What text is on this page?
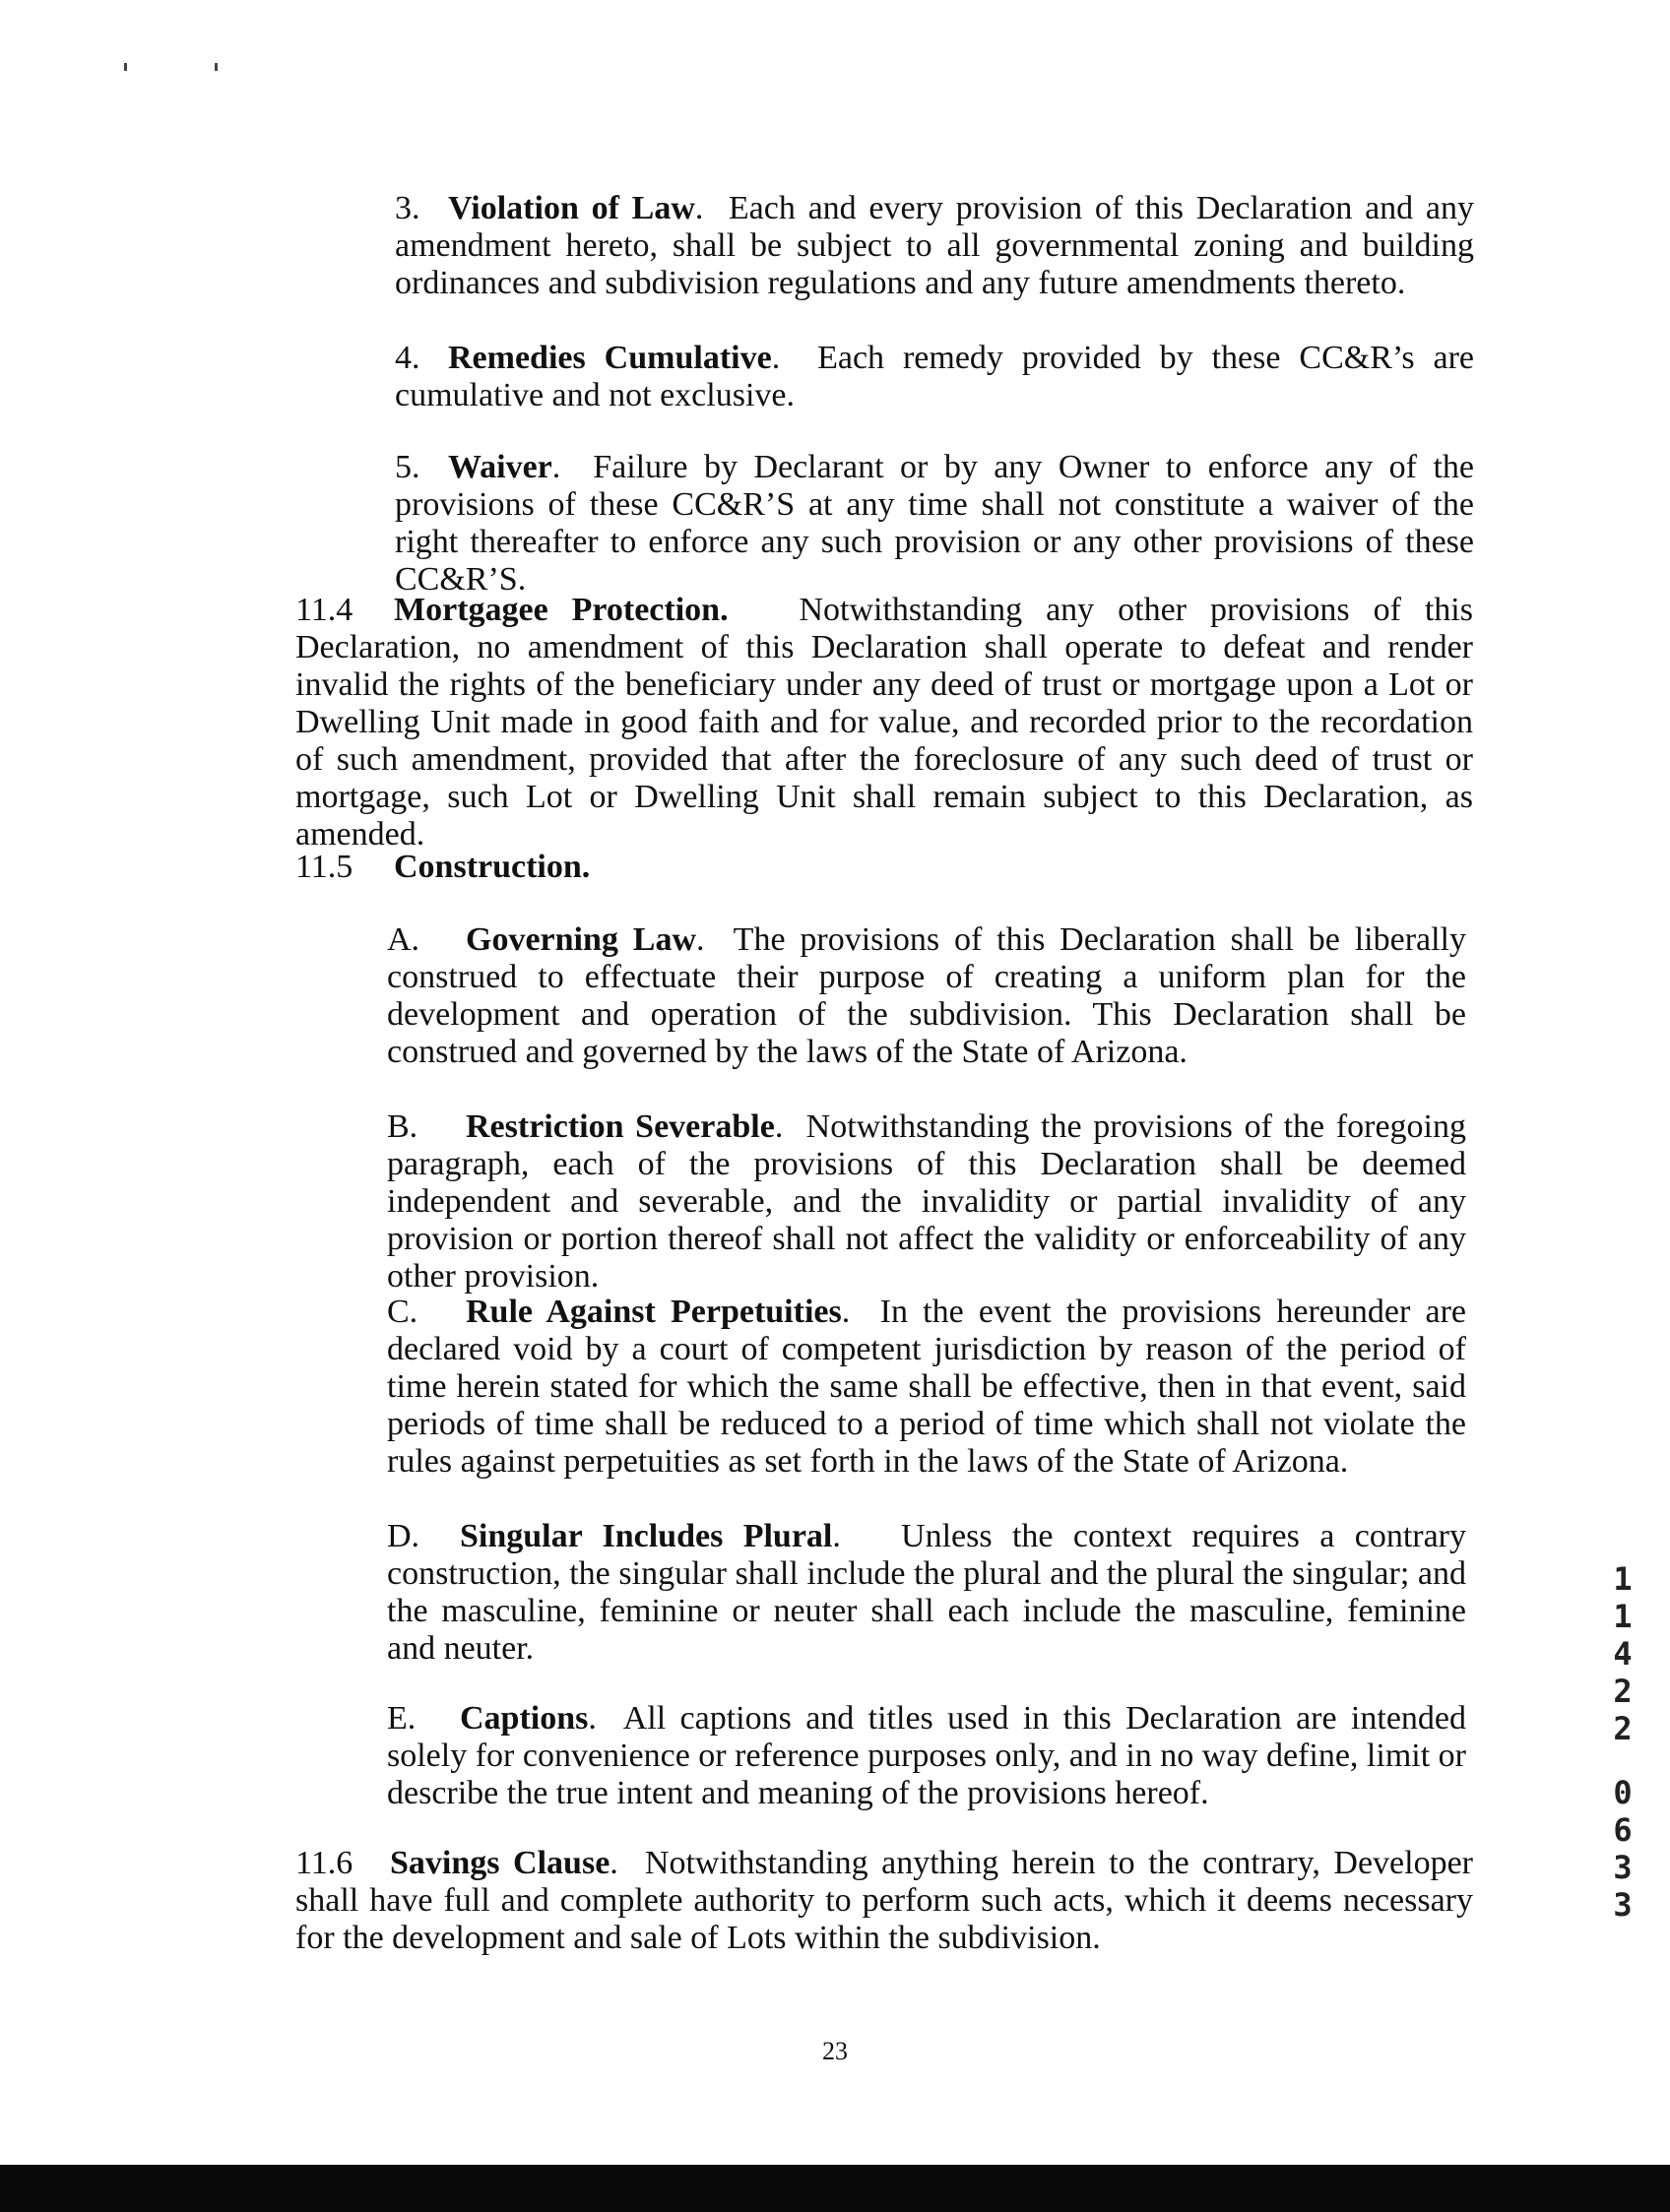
3. Violation of Law.  Each and every provision of this Declaration and any amendment hereto, shall be subject to all governmental zoning and building ordinances and subdivision regulations and any future amendments thereto.

4. Remedies Cumulative.  Each remedy provided by these CC&R’s are cumulative and not exclusive.

5. Waiver.  Failure by Declarant or by any Owner to enforce any of the provisions of these CC&R’S at any time shall not constitute a waiver of the right thereafter to enforce any such provision or any other provisions of these CC&R’S.

11.4 Mortgagee Protection. Notwithstanding any other provisions of this Declaration, no amendment of this Declaration shall operate to defeat and render invalid the rights of the beneficiary under any deed of trust or mortgage upon a Lot or Dwelling Unit made in good faith and for value, and recorded prior to the recordation of such amendment, provided that after the foreclosure of any such deed of trust or mortgage, such Lot or Dwelling Unit shall remain subject to this Declaration, as amended.

11.5 Construction.

A. Governing Law.  The provisions of this Declaration shall be liberally construed to effectuate their purpose of creating a uniform plan for the development and operation of the subdivision. This Declaration shall be construed and governed by the laws of the State of Arizona.

B. Restriction Severable.  Notwithstanding the provisions of the foregoing paragraph, each of the provisions of this Declaration shall be deemed independent and severable, and the invalidity or partial invalidity of any provision or portion thereof shall not affect the validity or enforceability of any other provision.

C. Rule Against Perpetuities.  In the event the provisions hereunder are declared void by a court of competent jurisdiction by reason of the period of time herein stated for which the same shall be effective, then in that event, said periods of time shall be reduced to a period of time which shall not violate the rules against perpetuities as set forth in the laws of the State of Arizona.

D. Singular Includes Plural.   Unless the context requires a contrary construction, the singular shall include the plural and the plural the singular; and the masculine, feminine or neuter shall each include the masculine, feminine and neuter.

E. Captions.  All captions and titles used in this Declaration are intended solely for convenience or reference purposes only, and in no way define, limit or describe the true intent and meaning of the provisions hereof.

11.6 Savings Clause.  Notwithstanding anything herein to the contrary, Developer shall have full and complete authority to perform such acts, which it deems necessary for the development and sale of Lots within the subdivision.

23
1
1
4
2
2
0
6
3
3
